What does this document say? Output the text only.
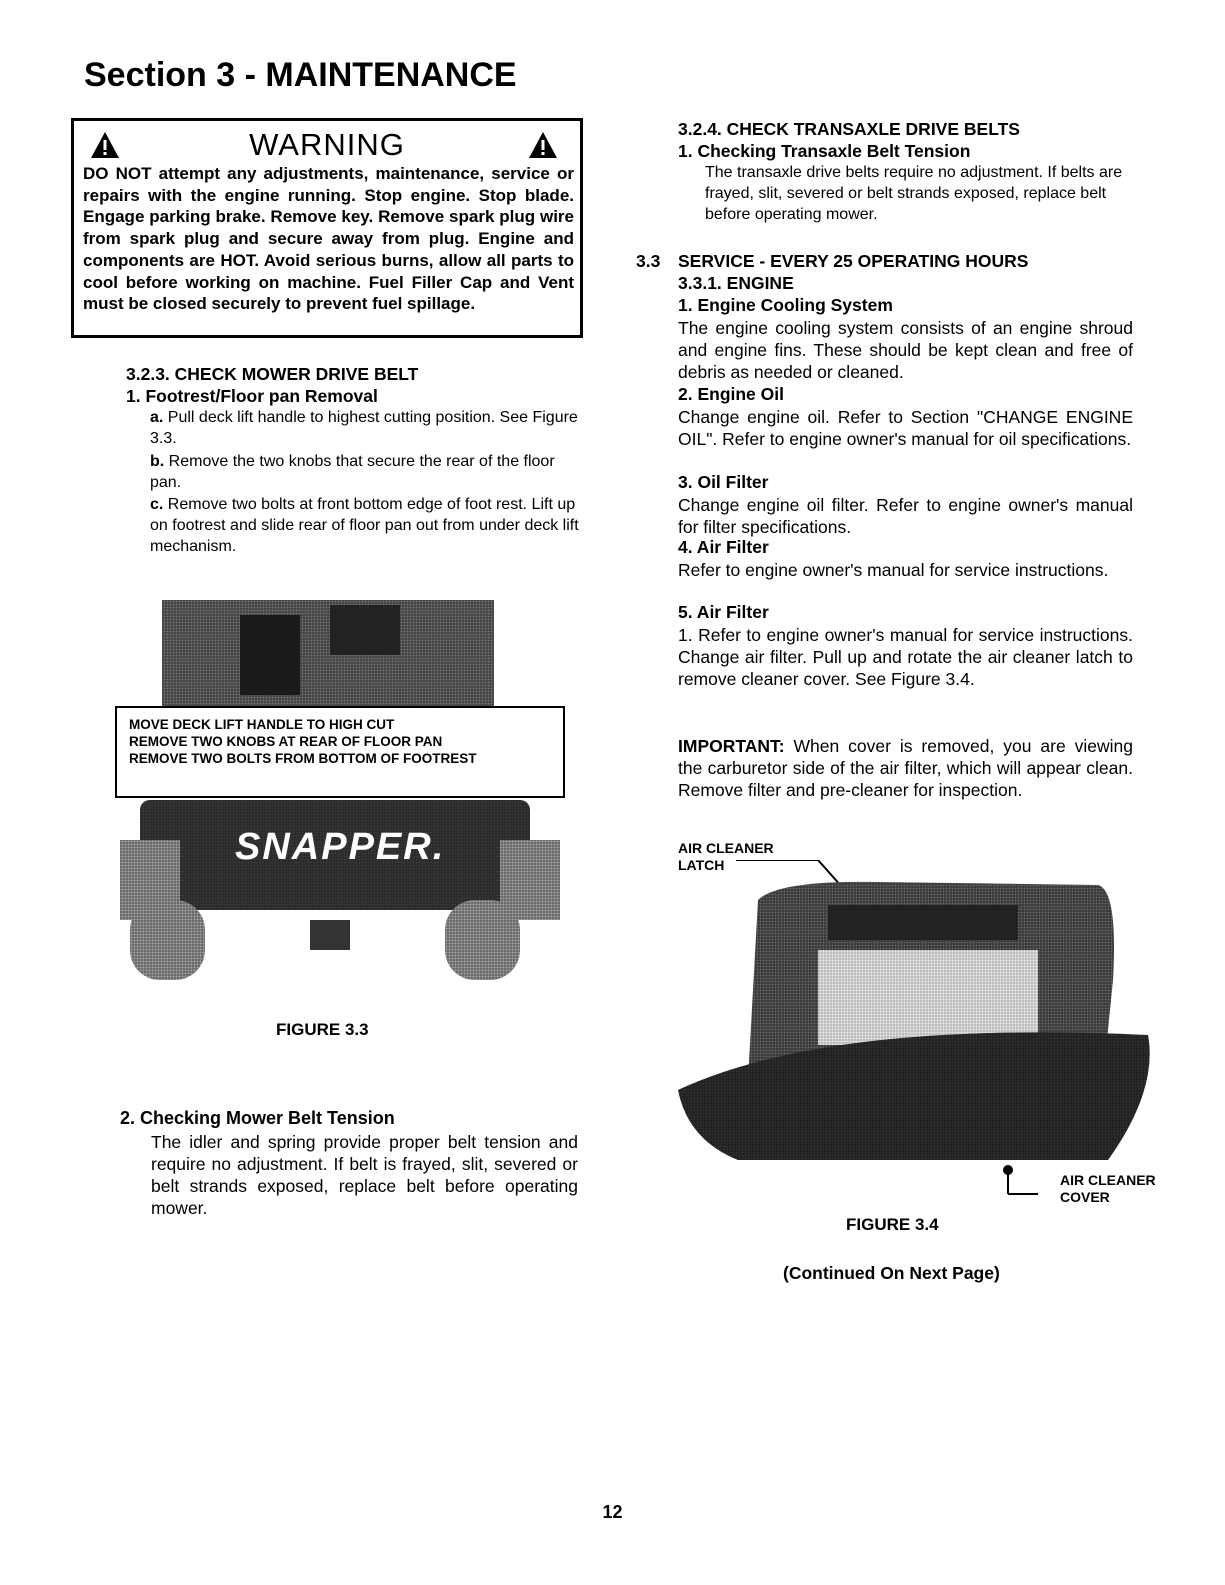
Section 3 - MAINTENANCE
WARNING
DO NOT attempt any adjustments, maintenance, service or repairs with the engine running. Stop engine. Stop blade. Engage parking brake. Remove key. Remove spark plug wire from spark plug and secure away from plug. Engine and components are HOT. Avoid serious burns, allow all parts to cool before working on machine. Fuel Filler Cap and Vent must be closed securely to prevent fuel spillage.
3.2.3. CHECK MOWER DRIVE BELT
1. Footrest/Floor pan Removal
a. Pull deck lift handle to highest cutting position. See Figure 3.3.
b. Remove the two knobs that secure the rear of the floor pan.
c. Remove two bolts at front bottom edge of foot rest. Lift up on footrest and slide rear of floor pan out from under deck lift mechanism.
SNAPPER.
MOVE DECK LIFT HANDLE TO HIGH CUT
REMOVE TWO KNOBS AT REAR OF FLOOR PAN
REMOVE TWO BOLTS FROM BOTTOM OF FOOTREST
FIGURE 3.3
2. Checking Mower Belt Tension
The idler and spring provide proper belt tension and require no adjustment. If belt is frayed, slit, severed or belt strands exposed, replace belt before operating mower.
3.2.4. CHECK TRANSAXLE DRIVE BELTS
1. Checking Transaxle Belt Tension
The transaxle drive belts require no adjustment. If belts are frayed, slit, severed or belt strands exposed, replace belt before operating mower.
3.3 SERVICE - EVERY 25 OPERATING HOURS
3.3.1. ENGINE
1. Engine Cooling System
The engine cooling system consists of an engine shroud and engine fins. These should be kept clean and free of debris as needed or cleaned.
2. Engine Oil
Change engine oil. Refer to Section "CHANGE ENGINE OIL". Refer to engine owner's manual for oil specifications.
3. Oil Filter
Change engine oil filter. Refer to engine owner's manual for filter specifications.
4. Air Filter
Refer to engine owner's manual for service instructions.
5. Air Filter
1. Refer to engine owner's manual for service instructions. Change air filter. Pull up and rotate the air cleaner latch to remove cleaner cover. See Figure 3.4.
IMPORTANT: When cover is removed, you are viewing the carburetor side of the air filter, which will appear clean. Remove filter and pre-cleaner for inspection.
AIR CLEANER
LATCH
AIR CLEANER
COVER
FIGURE 3.4
(Continued On Next Page)
12
